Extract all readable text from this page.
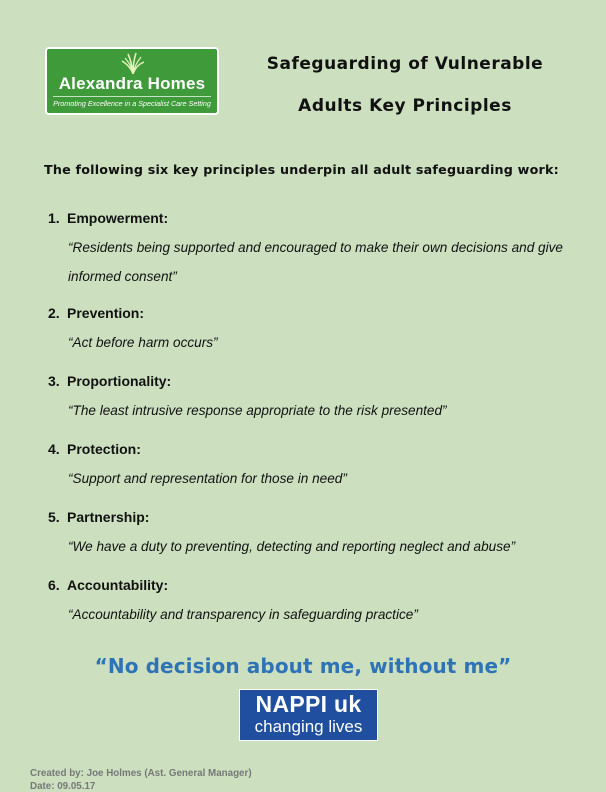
Alexandra Homes
Promoting Excellence in a Specialist Care Setting
Safeguarding of Vulnerable
Adults Key Principles
The following six key principles underpin all adult safeguarding work:
1. Empowerment:
“Residents being supported and encouraged to make their own decisions and give informed consent”
2. Prevention:
“Act before harm occurs”
3. Proportionality:
“The least intrusive response appropriate to the risk presented”
4. Protection:
“Support and representation for those in need”
5. Partnership:
“We have a duty to preventing, detecting and reporting neglect and abuse”
6. Accountability:
“Accountability and transparency in safeguarding practice”
“No decision about me, without me”
NAPPI uk
changing lives
Created by: Joe Holmes (Ast. General Manager)
Date: 09.05.17
